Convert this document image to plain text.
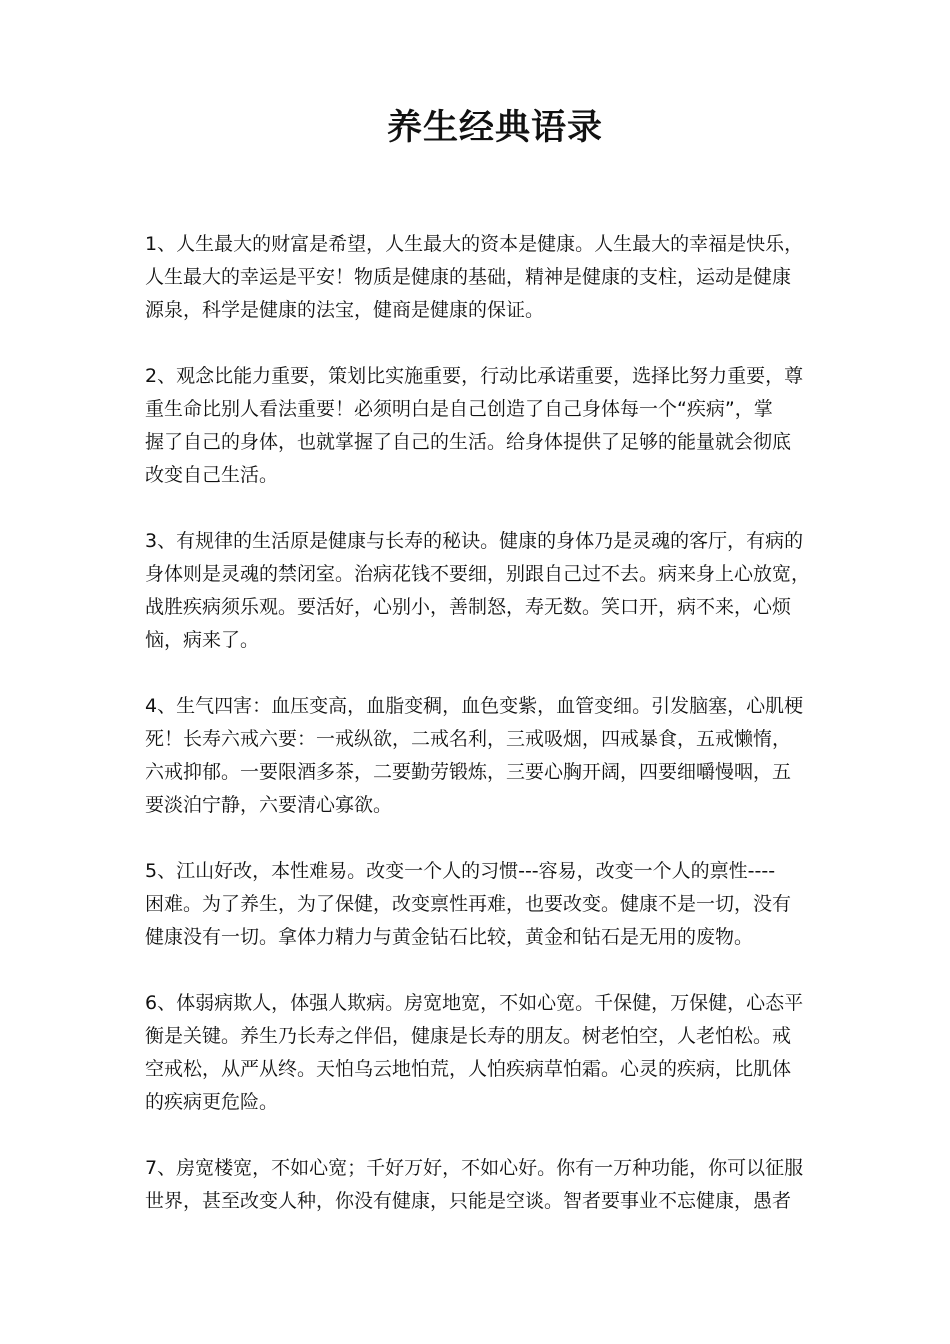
养生经典语录
1、人生最大的财富是希望，人生最大的资本是健康。人生最大的幸福是快乐，
人生最大的幸运是平安！物质是健康的基础，精神是健康的支柱，运动是健康
源泉，科学是健康的法宝，健商是健康的保证。
2、观念比能力重要，策划比实施重要，行动比承诺重要，选择比努力重要，尊
重生命比别人看法重要！必须明白是自己创造了自己身体每一个“疾病”，掌
握了自己的身体，也就掌握了自己的生活。给身体提供了足够的能量就会彻底
改变自己生活。
3、有规律的生活原是健康与长寿的秘诀。健康的身体乃是灵魂的客厅，有病的
身体则是灵魂的禁闭室。治病花钱不要细，别跟自己过不去。病来身上心放宽，
战胜疾病须乐观。要活好，心别小，善制怒，寿无数。笑口开，病不来，心烦
恼，病来了。
4、生气四害：血压变高，血脂变稠，血色变紫，血管变细。引发脑塞，心肌梗
死！长寿六戒六要：一戒纵欲，二戒名利，三戒吸烟，四戒暴食，五戒懒惰，
六戒抑郁。一要限酒多茶，二要勤劳锻炼，三要心胸开阔，四要细嚼慢咽，五
要淡泊宁静，六要清心寡欲。
5、江山好改，本性难易。改变一个人的习惯---容易，改变一个人的禀性----
困难。为了养生，为了保健，改变禀性再难，也要改变。健康不是一切，没有
健康没有一切。拿体力精力与黄金钻石比较，黄金和钻石是无用的废物。
6、体弱病欺人，体强人欺病。房宽地宽，不如心宽。千保健，万保健，心态平
衡是关键。养生乃长寿之伴侣，健康是长寿的朋友。树老怕空，人老怕松。戒
空戒松，从严从终。天怕乌云地怕荒，人怕疾病草怕霜。心灵的疾病，比肌体
的疾病更危险。
7、房宽楼宽，不如心宽；千好万好，不如心好。你有一万种功能，你可以征服
世界，甚至改变人种，你没有健康，只能是空谈。智者要事业不忘健康，愚者
